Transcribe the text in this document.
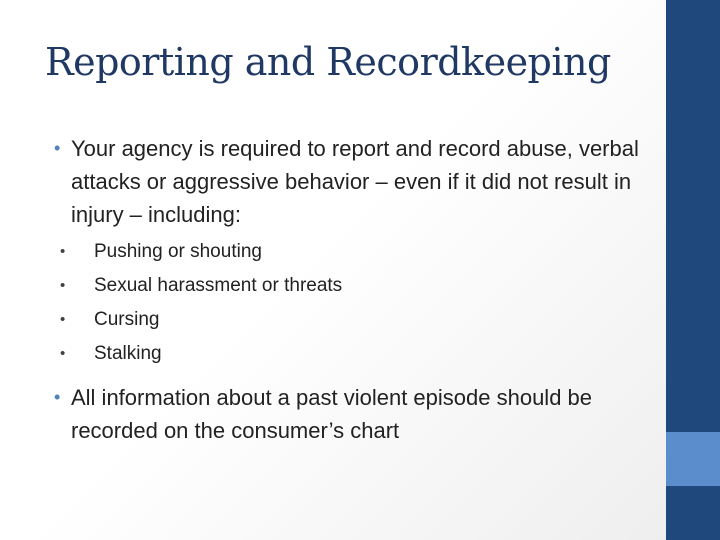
Reporting and Recordkeeping

• Your agency is required to report and record abuse, verbal attacks or aggressive behavior – even if it did not result in injury – including:

• Pushing or shouting
• Sexual harassment or threats
• Cursing
• Stalking

• All information about a past violent episode should be recorded on the consumer’s chart
